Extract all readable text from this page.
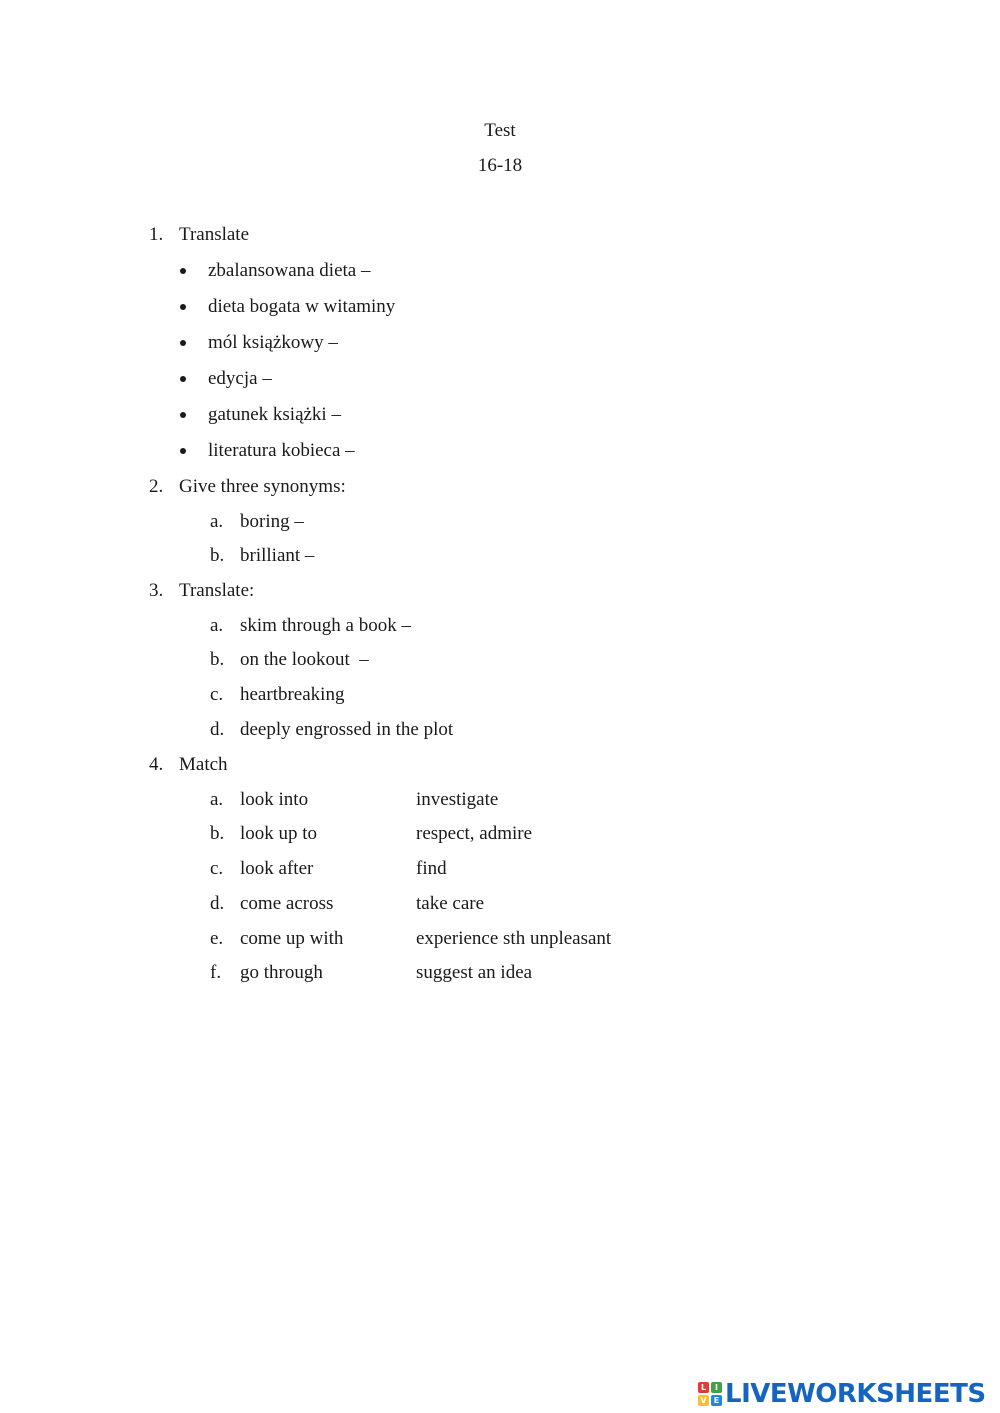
Test
16-18
1. Translate
zbalansowana dieta –
dieta bogata w witaminy
mól książkowy –
edycja –
gatunek książki –
literatura kobieca –
2. Give three synonyms:
a. boring –
b. brilliant –
3. Translate:
a. skim through a book –
b. on the lookout  –
c. heartbreaking
d. deeply engrossed in the plot
4. Match
a. look into	investigate
b. look up to	respect, admire
c. look after	find
d. come across	take care
e. come up with	experience sth unpleasant
f. go through	suggest an idea
L	I
V E LIVEWORKSHEETS
